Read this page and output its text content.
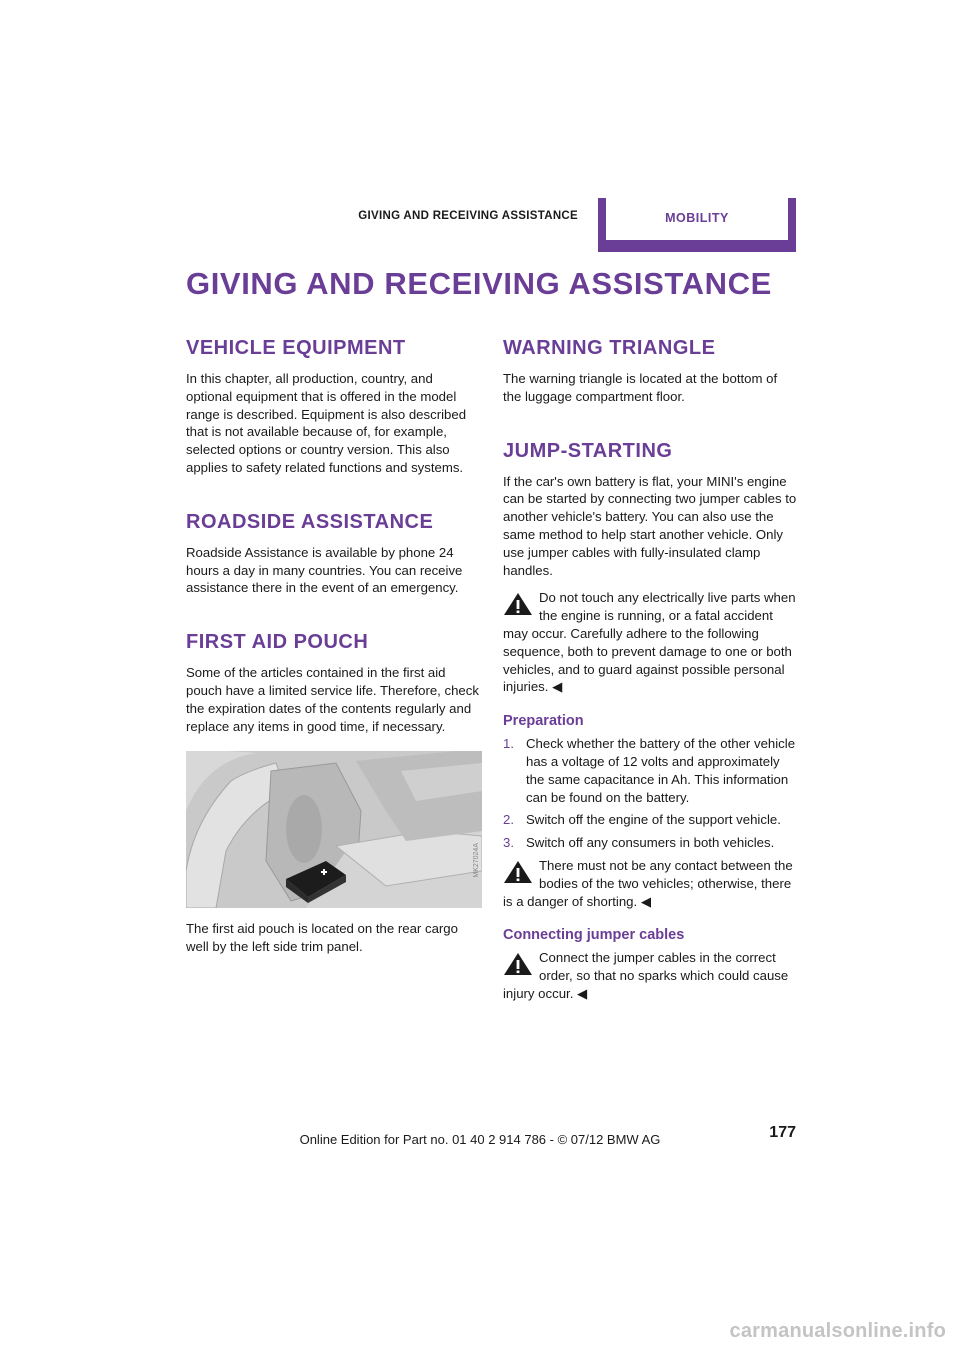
GIVING AND RECEIVING ASSISTANCE	MOBILITY
GIVING AND RECEIVING ASSISTANCE
VEHICLE EQUIPMENT

In this chapter, all production, country, and optional equipment that is offered in the model range is described. Equipment is also described that is not available because of, for example, selected options or country version. This also applies to safety related functions and systems.

ROADSIDE ASSISTANCE

Roadside Assistance is available by phone 24 hours a day in many countries. You can receive assistance there in the event of an emergency.

FIRST AID POUCH

Some of the articles contained in the first aid pouch have a limited service life. Therefore, check the expiration dates of the contents regularly and replace any items in good time, if necessary.

MK27024A

The first aid pouch is located on the rear cargo well by the left side trim panel.

WARNING TRIANGLE

The warning triangle is located at the bottom of the luggage compartment floor.

JUMP-STARTING

If the car's own battery is flat, your MINI's engine can be started by connecting two jumper cables to another vehicle's battery. You can also use the same method to help start another vehicle. Only use jumper cables with fully-insulated clamp handles.

Do not touch any electrically live parts when the engine is running, or a fatal accident may occur. Carefully adhere to the following sequence, both to prevent damage to one or both vehicles, and to guard against possible personal injuries. ◀
Preparation
1. Check whether the battery of the other vehicle has a voltage of 12 volts and approximately the same capacitance in Ah. This information can be found on the battery.
2. Switch off the engine of the support vehicle.
3. Switch off any consumers in both vehicles.
There must not be any contact between the bodies of the two vehicles; otherwise, there is a danger of shorting. ◀
Connecting jumper cables
Connect the jumper cables in the correct order, so that no sparks which could cause injury occur. ◀
177
Online Edition for Part no. 01 40 2 914 786 - © 07/12 BMW AG
carmanualsonline.info
